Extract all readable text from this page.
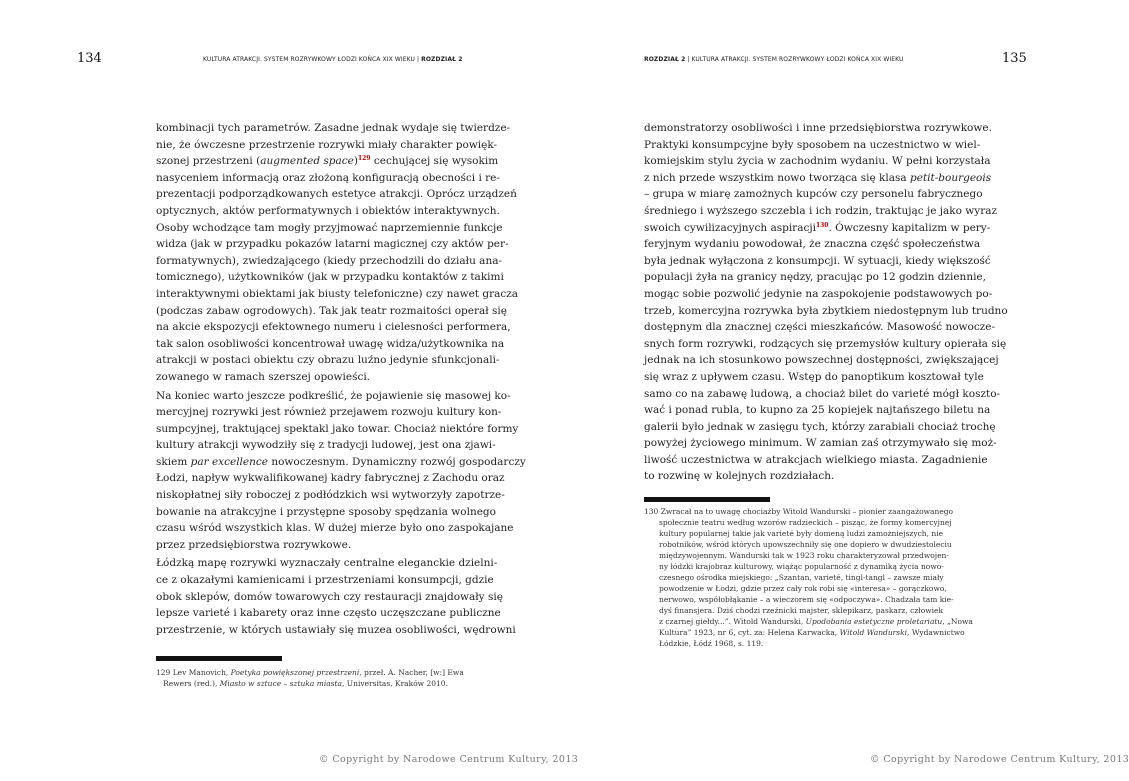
134	KULTURA ATRAKCJI. SYSTEM ROZRYWKOWY ŁODZI KOŃCA XIX WIEKU | ROZDZIAŁ 2
kombinacji tych parametrów. Zasadne jednak wydaje się twierdze-
nie, że ówczesne przestrzenie rozrywki miały charakter powięk-
szonej przestrzeni (augmented space)$^{129}$ cechującej się wysokim
nasyceniem informacją oraz złożoną konfiguracją obecności i re-
prezentacji podporządkowanych estetyce atrakcji. Oprócz urządzeń
optycznych, aktów performatywnych i obiektów interaktywnych.
Osoby wchodzące tam mogły przyjmować naprzemiennie funkcje
widza (jak w przypadku pokazów latarni magicznej czy aktów per-
formatywnych), zwiedzającego (kiedy przechodzili do działu ana-
tomicznego), użytkowników (jak w przypadku kontaktów z takimi
interaktywnymi obiektami jak biusty telefoniczne) czy nawet gracza
(podczas zabaw ogrodowych). Tak jak teatr rozmaitości operał się
na akcie ekspozycji efektownego numeru i cielesności performera,
tak salon osobliwości koncentrował uwagę widza/użytkownika na
atrakcji w postaci obiektu czy obrazu luźno jedynie sfunkcjonali-
zowanego w ramach szerszej opowieści.
Na koniec warto jeszcze podkreślić, że pojawienie się masowej ko-
mercyjnej rozrywki jest również przejawem rozwoju kultury kon-
sumpcyjnej, traktującej spektakl jako towar. Chociaż niektóre formy
kultury atrakcji wywodziły się z tradycji ludowej, jest ona zjawi-
skiem par excellence nowoczesnym. Dynamiczny rozwój gospodarczy
Łodzi, napływ wykwalifikowanej kadry fabrycznej z Zachodu oraz
niskopłatnej siły roboczej z podłódzkich wsi wytworzyły zapotrze-
bowanie na atrakcyjne i przystępne sposoby spędzania wolnego
czasu wśród wszystkich klas. W dużej mierze było ono zaspokajane
przez przedsiębiorstwa rozrywkowe.
Łódzką mapę rozrywki wyznaczały centralne eleganckie dzielni-
ce z okazałymi kamienicami i przestrzeniami konsumpcji, gdzie
obok sklepów, domów towarowych czy restauracji znajdowały się
lepsze varieté i kabarety oraz inne często uczęszczane publiczne
przestrzenie, w których ustawiały się muzea osobliwości, wędrowni
129 Lev Manovich, Poetyka powiększonej przestrzeni, przeł. A. Nacher, [w:] Ewa
Rewers (red.), Miasto w sztuce – sztuka miasta, Universitas, Kraków 2010.
© Copyright by Narodowe Centrum Kultury, 2013
ROZDZIAŁ 2 | KULTURA ATRAKCJI. SYSTEM ROZRYWKOWY ŁODZI KOŃCA XIX WIEKU	135
demonstratorzy osobliwości i inne przedsiębiorstwa rozrywkowe.
Praktyki konsumpcyjne były sposobem na uczestnictwo w wiel-
komiejskim stylu życia w zachodnim wydaniu. W pełni korzystała
z nich przede wszystkim nowo tworząca się klasa petit-bourgeois
– grupa w miarę zamożnych kupców czy personelu fabrycznego
średniego i wyższego szczebla i ich rodzin, traktując je jako wyraz
swoich cywilizacyjnych aspiracji$^{130}$. Ówczesny kapitalizm w pery-
feryjnym wydaniu powodował, że znaczna część społeczeństwa
była jednak wyłączona z konsumpcji. W sytuacji, kiedy większość
populacji żyła na granicy nędzy, pracując po 12 godzin dziennie,
mogąc sobie pozwolić jedynie na zaspokojenie podstawowych po-
trzeb, komercyjna rozrywka była zbytkiem niedostępnym lub trudno
dostępnym dla znacznej części mieszkańców. Masowość nowocze-
snych form rozrywki, rodzących się przemysłów kultury opierała się
jednak na ich stosunkowo powszechnej dostępności, zwiększającej
się wraz z upływem czasu. Wstęp do panoptikum kosztował tyle
samo co na zabawę ludową, a chociaż bilet do varieté mógł koszto-
wać i ponad rubla, to kupno za 25 kopiejek najtańszego biletu na
galerii było jednak w zasięgu tych, którzy zarabiali chociaż trochę
powyżej życiowego minimum. W zamian zaś otrzymywało się moż-
liwość uczestnictwa w atrakcjach wielkiego miasta. Zagadnienie
to rozwinę w kolejnych rozdziałach.
130 Zwracał na to uwagę chociażby Witold Wandurski – pionier zaangażowanego
społecznie teatru według wzorów radzieckich – pisząc, że formy komercyjnej
kultury popularnej takie jak varieté były domeną ludzi zamożniejszych, nie
robotników, wśród których upowszechniły się one dopiero w dwudziestoleciu
międzywojennym. Wandurski tak w 1923 roku charakteryzował przedwojen-
ny łódzki krajobraz kulturowy, wiążąc popularność z dynamiką życia nowo-
czesnego ośrodka miejskiego: „Szantan, varieté, tingl-tangl – zawsze miały
powodzenie w Łodzi, gdzie przez cały rok robi się «interesa» – gorączkowo,
nerwowo, współobłąkanie – a wieczorem się «odpoczywa». Chadzała tam kie-
dyś finansjera. Dziś chodzi rzeźnicki majster, sklepikarz, paskarz, człowiek
z czarnej giełdy...”. Witold Wandurski, Upodobania estetyczne proletariatu, „Nowa
Kultura” 1923, nr 6, cyt. za: Helena Karwacka, Witold Wandurski, Wydawnictwo
Łódzkie, Łódź 1968, s. 119.
© Copyright by Narodowe Centrum Kultury, 2013
